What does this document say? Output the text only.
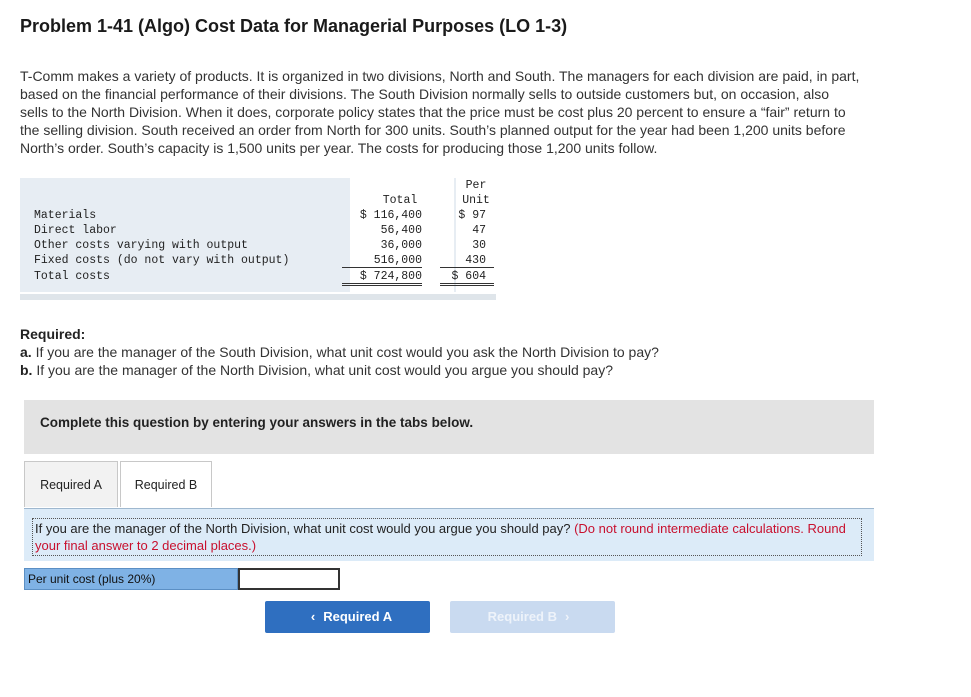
Problem 1-41 (Algo) Cost Data for Managerial Purposes (LO 1-3)
T-Comm makes a variety of products. It is organized in two divisions, North and South. The managers for each division are paid, in part,
based on the financial performance of their divisions. The South Division normally sells to outside customers but, on occasion, also
sells to the North Division. When it does, corporate policy states that the price must be cost plus 20 percent to ensure a “fair” return to
the selling division. South received an order from North for 300 units. South’s planned output for the year had been 1,200 units before
North’s order. South’s capacity is 1,500 units per year. The costs for producing those 1,200 units follow.
Per
Total	Unit
Materials	$ 116,400	$ 97
Direct labor	56,400	47
Other costs varying with output	36,000	30
Fixed costs (do not vary with output)	516,000	430
Total costs	$ 724,800	$ 604
Required:
a. If you are the manager of the South Division, what unit cost would you ask the North Division to pay?
b. If you are the manager of the North Division, what unit cost would you argue you should pay?
Complete this question by entering your answers in the tabs below.
Required A	Required B
If you are the manager of the North Division, what unit cost would you argue you should pay? (Do not round intermediate calculations. Round your final answer to 2 decimal places.)
Per unit cost (plus 20%)
‹ Required A	Required B ›
